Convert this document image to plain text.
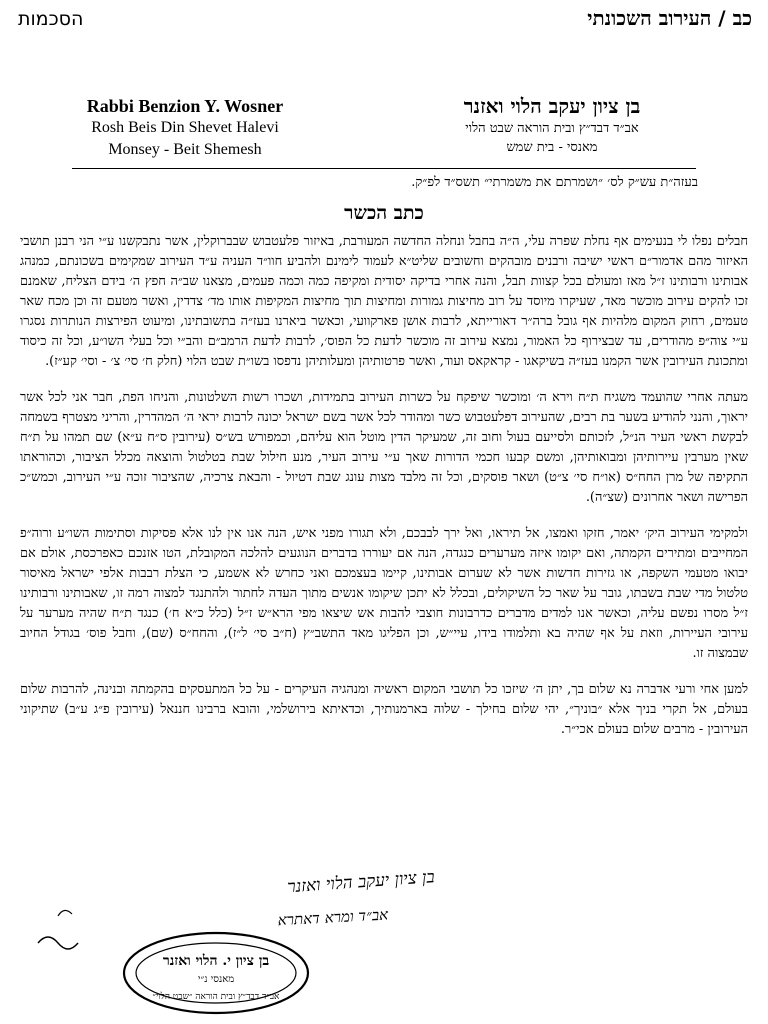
הסכמות	כב / העירוב השכונתי
Rabbi Benzion Y. Wosner
Rosh Beis Din Shevet Halevi
Monsey - Beit Shemesh
בן ציון יעקב הלוי ואזנר
אב״ד דבד״ץ ובית הוראה שבט הלוי
מאנסי - בית שמש
בעזה״ת עש״ק לס׳ ״ושמרתם את משמרתי״ תשס״ד לפ״ק.
כתב הכשר

חבלים נפלו לי בנעימים אף נחלת שפרה עלי, ה״ה בחבל ונחלה החדשה המעורבת, באיזור פלעטבוש שבברוקלין, אשר נתבקשנו ע״י הני רבנן תושבי האיזור מהם אדמור״ם ראשי ישיבה ורבנים מובהקים וחשובים שליט״א לעמוד לימינם ולהביע חוו״ד העניה ע״ד העירוב שמקימים בשכונתם, כמנהג אבותינו ורבותינו ז״ל מאז ומעולם בכל קצוות תבל, והנה אחרי בדיקה יסודית ומקיפה כמה וכמה פעמים, מצאנו שב״ה חפץ ה׳ בידם הצליח, שאמנם זכו להקים עירוב מוכשר מאד, שעיקרו מיוסד על רוב מחיצות גמורות ומחיצות תוך מחיצות המקיפות אותו מד׳ צדדין, ואשר מטעם זה וכן מכח שאר טעמים, רחוק המקום מלהיות אף גובל ברה״ר דאורייתא, לרבות אושן פארקוועי, וכאשר ביארנו בעז״ה בתשובתינו, ומיעוט הפירצות הנותרות נסגרו ע״י צוה״פ מהודרים, עד שבצירוף כל האמור, נמצא עירוב זה מוכשר לדעת כל הפוס׳, לרבות לדעת הרמב״ם והב״י וכל בעלי השו״ע, וכל זה כיסוד ומתכונת העירובין אשר הקמנו בעז״ה בשיקאגו - קראקאס ועוד, ואשר פרטותיהן ומעלותיהן נדפסו בשו״ת שבט הלוי (חלק ח׳ סי׳ צ׳ - וסי׳ קע״ז).

מעתה אחרי שהועמד משגיח ת״ח וירא ה׳ ומוכשר שיפקח על כשרות העירוב בתמידות, ושכרו רשות השלטונות, והניחו הפת, חבר אני לכל אשר יראוך, והנני להודיע בשער בת רבים, שהעירוב דפלעטבוש כשר ומהודר לכל אשר בשם ישראל יכונה לרבות יראי ה׳ המהדרין, והריני מצטרף בשמחה לבקשת ראשי העיר הנ״ל, לזכותם ולסייעם בעול וחוב זה, שמעיקר הדין מוטל הוא עליהם, וכמפורש בש״ס (עירובין ס״ח ע״א) שם תמהו על ת״ח שאין מערבין עיירותיהן ומבואותיהן, ומשם קבעו חכמי הדורות שאך ע״י עירוב העיר, מנע חילול שבת בטלטול והוצאה מכלל הציבור, וכהוראתו התקיפה של מרן החח״ס (או״ח סי׳ צ״ט) ושאר פוסקים, וכל זה מלבד מצות עונג שבת דטיול - והבאת צרכיה, שהציבור זוכה ע״י העירוב, וכמש״כ הפרישה ושאר אחרונים (שצ״ה).

ולמקימי העירוב היק׳ יאמר, חזקו ואמצו, אל תיראו, ואל ירך לבבכם, ולא תגורו מפני איש, הנה אנו אין לנו אלא פסיקות וסתימות השו״ע ורוה״פ המחייבים ומתירים הקמתה, ואם יקומו איזה מערערים כנגדה, הנה אם יעוררו בדברים הנוגעים להלכה המקובלת, הטו אזנכם כאפרכסת, אולם אם יבואו מטעמי השקפה, או גזירות חדשות אשר לא שערום אבותינו, קיימו בעצמכם ואני כחרש לא אשמע, כי הצלת רבבות אלפי ישראל מאיסור טלטול מדי שבת בשבתו, גובר על שאר כל השיקולים, ובכלל לא יתכן שיקומו אנשים מתוך העדה לחתור ולהתנגד למצוה רמה זו, שאבותינו ורבותינו ז״ל מסרו נפשם עליה, וכאשר אנו למדים מדברים כדרבונות חוצבי להבות אש שיצאו מפי הרא״ש ז״ל (כלל כ״א ח׳) כנגד ת״ח שהיה מערער על עירובי העיירות, וזאת על אף שהיה בא ותלמודו בידו, עיי״ש, וכן הפליגו מאד התשב״ץ (ח״ב סי׳ ל״ז), והחח״ס (שם), וחבל פוס׳ בגודל החיוב שבמצוה זו.

למען אחי ורעי אדברה נא שלום בך, יתן ה׳ שיזכו כל תושבי המקום ראשיה ומנהגיה העיקרים - על כל המתעסקים בהקמתה ובנינה, להרבות שלום בעולם, אל תקרי בניך אלא ״בוניך״, יהי שלום בחילך - שלוה בארמנותיך, וכדאיתא בירושלמי, והובא ברבינו חננאל (עירובין פ״ג ע״ב) שתיקוני העירובין - מרבים שלום בעולם אכי״ר.

בן ציון יעקב הלוי ואזנר
אב״ד ומרא דאתרא
בן ציון י. הלוי ואזנר
מאנסי נ״י
אב״ד דבד״ץ ובית הוראה ״שבט הלוי״
